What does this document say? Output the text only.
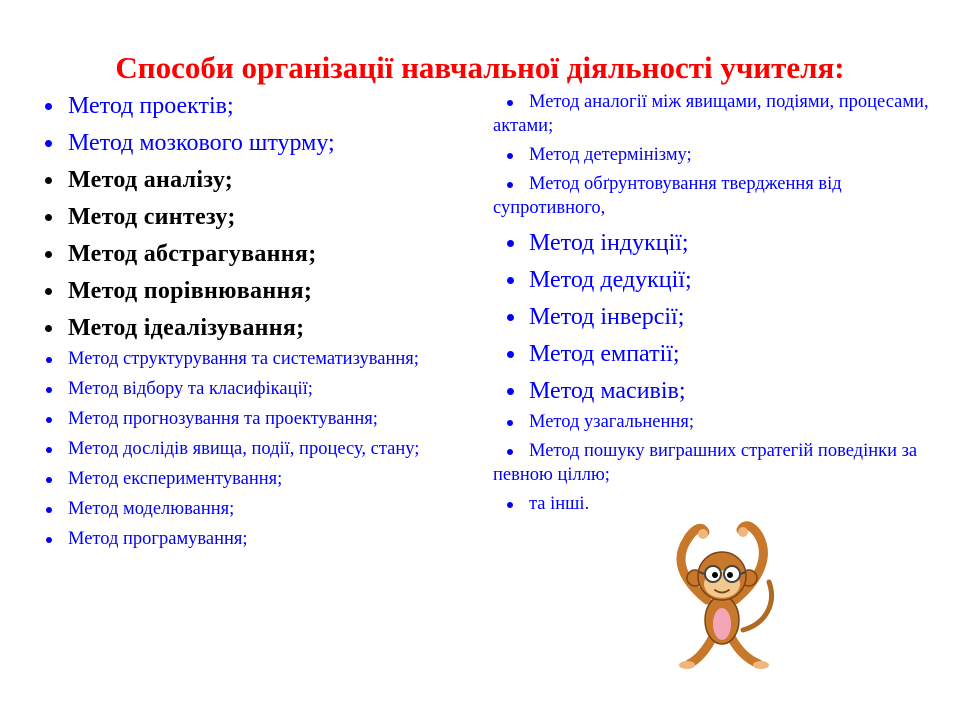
Способи організації навчальної діяльності учителя:
Метод проектів;
Метод мозкового штурму;
Метод аналізу;
Метод синтезу;
Метод абстрагування;
Метод порівнювання;
Метод ідеалізування;
Метод структурування та систематизування;
Метод відбору та класифікації;
Метод прогнозування та проектування;
Метод дослідів явища, події, процесу, стану;
Метод експериментування;
Метод моделювання;
Метод програмування;
Метод аналогії між явищами, подіями, процесами, актами;
Метод детермінізму;
Метод обґрунтовування твердження від супротивного,
Метод індукції;
Метод дедукції;
Метод інверсії;
Метод емпатії;
Метод масивів;
Метод узагальнення;
Метод пошуку виграшних стратегій поведінки за певною ціллю;
та інші.
